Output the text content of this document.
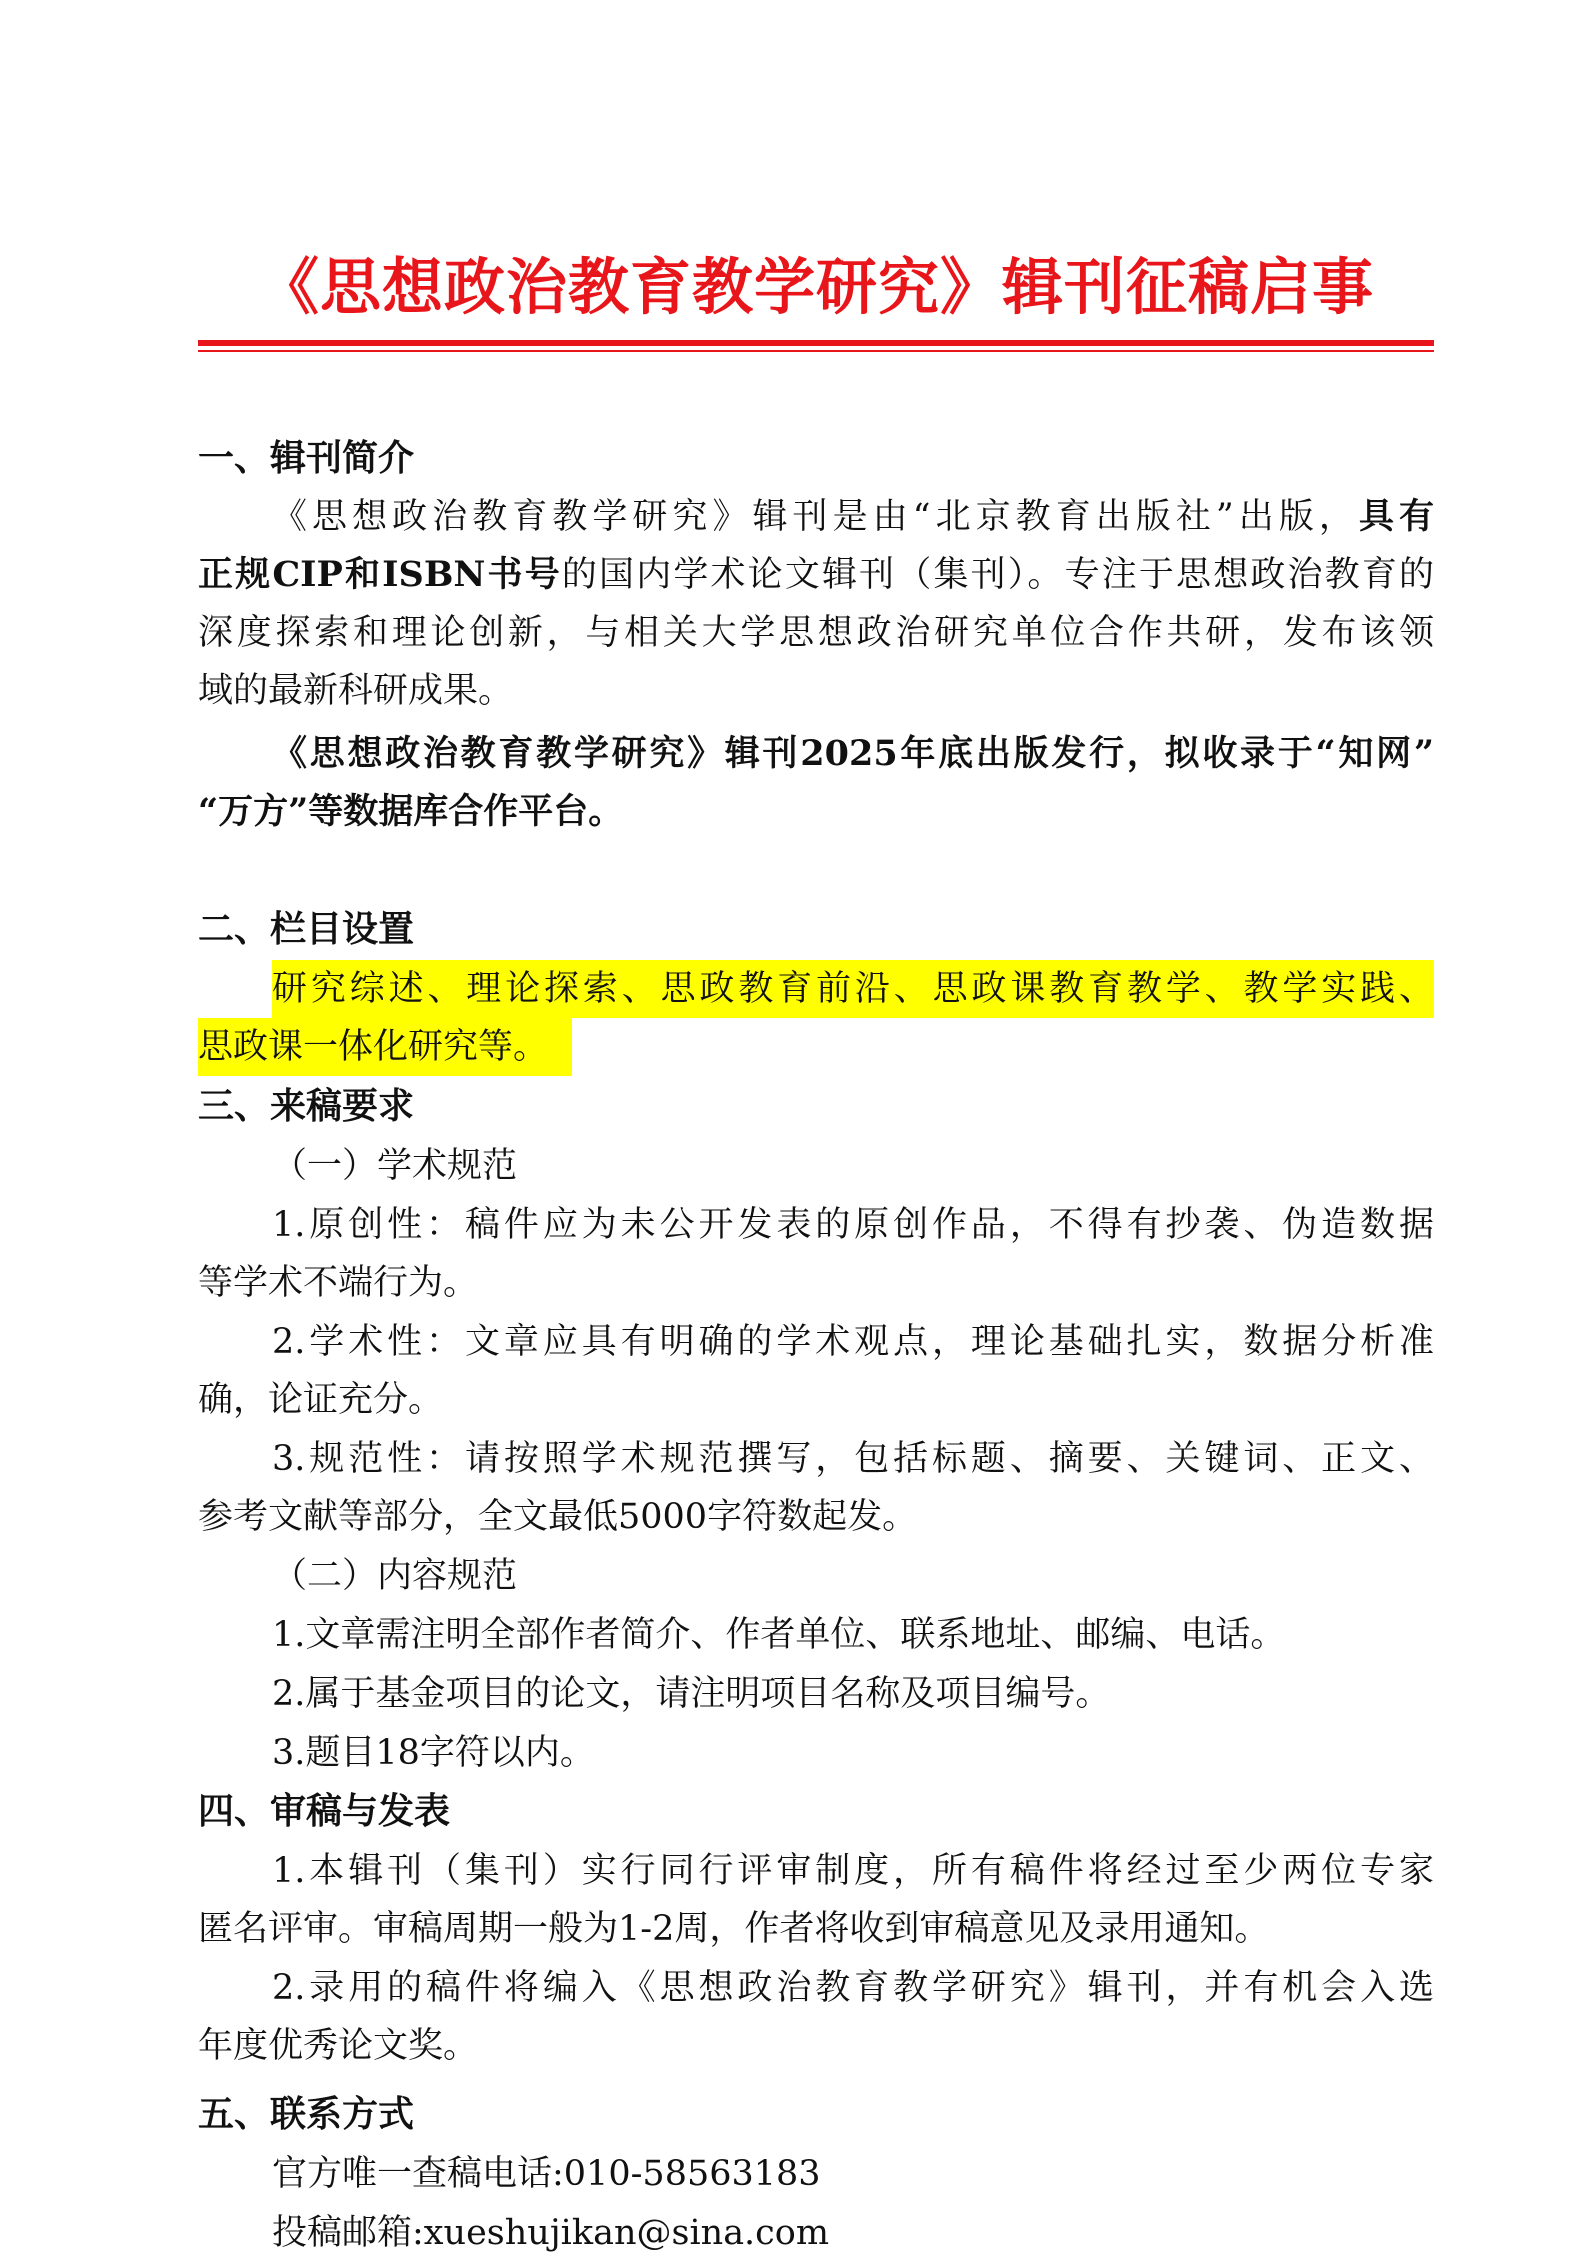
《思想政治教育教学研究》辑刊征稿启事
一、辑刊简介
《思想政治教育教学研究》辑刊是由“北京教育出版社”出版，具有
正规CIP和ISBN书号的国内学术论文辑刊（集刊）。专注于思想政治教育的
深度探索和理论创新，与相关大学思想政治研究单位合作共研，发布该领
域的最新科研成果。
《思想政治教育教学研究》辑刊2025年底出版发行，拟收录于“知网”
“万方”等数据库合作平台。
二、栏目设置
研究综述、理论探索、思政教育前沿、思政课教育教学、教学实践、
思政课一体化研究等。
三、来稿要求
（一）学术规范
1.原创性：稿件应为未公开发表的原创作品，不得有抄袭、伪造数据
等学术不端行为。
2.学术性：文章应具有明确的学术观点，理论基础扎实，数据分析准
确，论证充分。
3.规范性：请按照学术规范撰写，包括标题、摘要、关键词、正文、
参考文献等部分，全文最低5000字符数起发。
（二）内容规范
1.文章需注明全部作者简介、作者单位、联系地址、邮编、电话。
2.属于基金项目的论文，请注明项目名称及项目编号。
3.题目18字符以内。
四、审稿与发表
1.本辑刊（集刊）实行同行评审制度，所有稿件将经过至少两位专家
匿名评审。审稿周期一般为1-2周，作者将收到审稿意见及录用通知。
2.录用的稿件将编入《思想政治教育教学研究》辑刊，并有机会入选
年度优秀论文奖。
五、联系方式
官方唯一查稿电话:010-58563183
投稿邮箱:xueshujikan@sina.com
